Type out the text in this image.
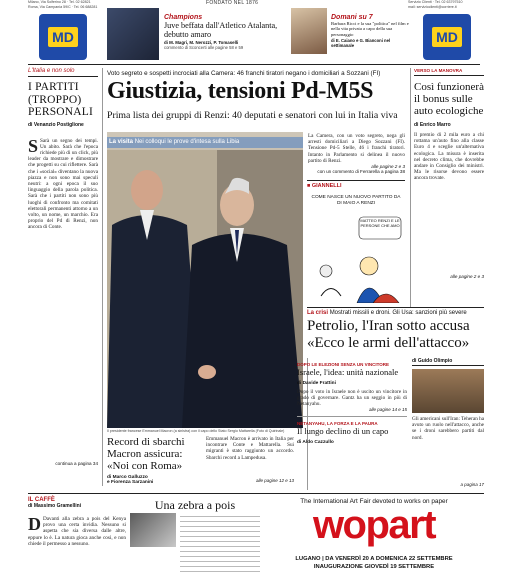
Milano, Via Solferino 28 · Tel. 02 62821
Roma, Via Campania 59/C · Tel. 06 688281
FONDATO NEL 1876	Servizio Clienti · Tel. 02 63797510
mail: servizioclienti@corriere.it
MD	MD
Champions
Juve beffata dall'Atletico Atalanta, debutto amaro
di M. Magri, M. Nerozzi, P. Tomaselli
commento di Sconcerti alle pagine 58 e 59
Domani su 7
Barbara Ricci e la sua "politica" nel film e nella vita privata a capo della sua personaggio
di E. Caiano e G. Bianconi nel settimanale
L'Italia e non solo
I PARTITI (TROPPO) PERSONALI
di Venanzio Postiglione
S Sarà un segno dei tempi. Un abito. Sarà che l'epoca richiede più di un click, più leader da mostrare e dimostrare che progetti su cui riflettere. Sarà che i «social» diventano la nuova piazza e non sono mai speculi neutri: a ogni epoca il suo linguaggio della parola politica. Sarà che i partiti non sono più luoghi di confronto ma comitati elettorali permanenti attorno a un volto, un nome, un marchio. Era proprio del Pd di Renzi, non ancora di Conte.
continua a pagina 34
Voto segreto e sospetti incrociati alla Camera: 46 franchi tiratori negano i domiciliari a Sozzani (FI)
Giustizia, tensioni Pd-M5S
Prima lista dei gruppi di Renzi: 40 deputati e senatori con lui in Italia viva
La visita Nei colloqui le prove d'intesa sulla Libia
Il presidente francese Emmanuel Macron (a sinistra) con il capo dello Stato Sergio Mattarella (Foto di Quirinale)
La Camera, con un voto segreto, nega gli arresti domiciliari a Diego Sozzani (FI). Tensione Pd-5 Stelle, 46 i franchi tiratori. Intanto in Parlamento si delinea il nuovo partito di Renzi.
alle pagine 2 e 3
con un commento di Ferrarella a pagina 38
■ GIANNELLI
COME NASCE UN NUOVO PARTITO DA DI MAIO A RENZI
MATTEO RENZI E LE PERSONE CHE AMO
VERSO LA MANOVRA
Così funzionerà il bonus sulle auto ecologiche
di Enrico Marro
Il premio di 2 mila euro a chi rottama un'auto fino alla classe Euro 4 e sceglie un'alternativa ecologica. La misura è inserita nel decreto clima, che dovrebbe andare in Consiglio dei ministri. Ma le risorse devono essere ancora trovate.
alle pagine 2 e 3
La crisi Mostrati missili e droni. Gli Usa: sanzioni più severe
Petrolio, l'Iran sotto accusa «Ecco le armi dell'attacco»
DOPO LE ELEZIONI SENZA UN VINCITORE
Israele, l'idea: unità nazionale
di Davide Frattini
Dopo il voto in Israele non è uscito un vincitore in grado di governare. Gantz ha un seggio in più di Netanyahu.
alle pagine 14 e 15
NETANYAHU, LA FORZA E LA PAURA
Il lungo declino di un capo
di Aldo Cazzullo
di Guido Olimpio
Gli americani sull'Iran: Teheran ha avuto un ruolo nell'attacco, anche se i droni sarebbero partiti dal nord.
a pagina 17
Record di sbarchi Macron assicura: «Noi con Roma»
di Marco Galluzzo
e Fiorenza Sarzanini
Emmanuel Macron è arrivato in Italia per incontrare Conte e Mattarella. Sui migranti è stato raggiunto un accordo. Sbarchi record a Lampedusa.
alle pagine 12 e 13
IL CAFFÈ
di Massimo Gramellini	Una zebra a pois
D Davanti alla zebra a pois del Kenya provo una certa invidia. Nessuno si aspetta che sia diversa dalle altre, eppure lo è. La natura gioca anche così, e non chiede il permesso a nessuno.
The International Art Fair devoted to works on paper
wopart
LUGANO | DA VENERDÌ 20 A DOMENICA 22 SETTEMBRE
INAUGURAZIONE GIOVEDÌ 19 SETTEMBRE
